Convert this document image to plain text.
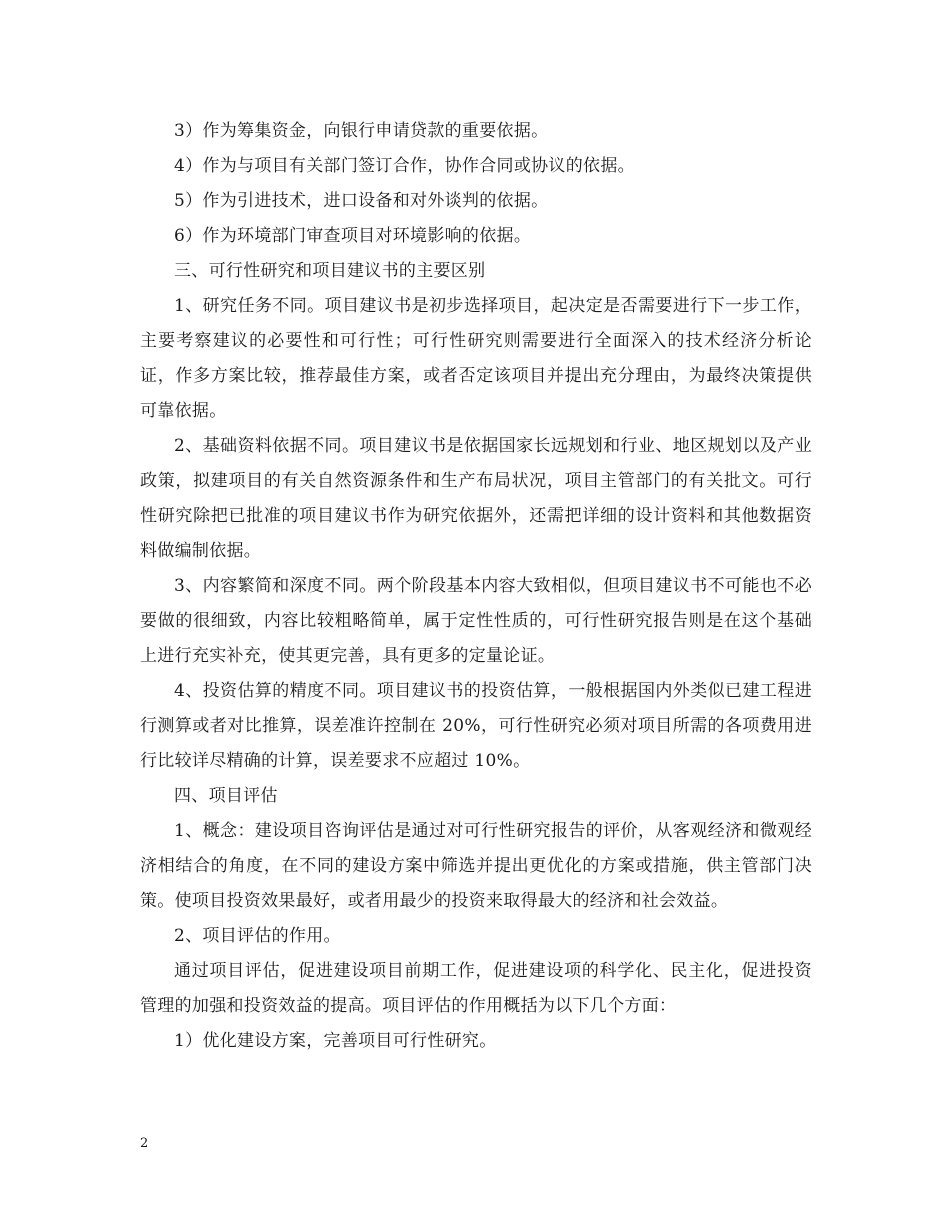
3）作为筹集资金，向银行申请贷款的重要依据。

4）作为与项目有关部门签订合作，协作合同或协议的依据。

5）作为引进技术，进口设备和对外谈判的依据。

6）作为环境部门审查项目对环境影响的依据。

三、可行性研究和项目建议书的主要区别

1、研究任务不同。项目建议书是初步选择项目，起决定是否需要进行下一步工作，主要考察建议的必要性和可行性；可行性研究则需要进行全面深入的技术经济分析论证，作多方案比较，推荐最佳方案，或者否定该项目并提出充分理由，为最终决策提供可靠依据。

2、基础资料依据不同。项目建议书是依据国家长远规划和行业、地区规划以及产业政策，拟建项目的有关自然资源条件和生产布局状况，项目主管部门的有关批文。可行性研究除把已批准的项目建议书作为研究依据外，还需把详细的设计资料和其他数据资料做编制依据。

3、内容繁简和深度不同。两个阶段基本内容大致相似，但项目建议书不可能也不必要做的很细致，内容比较粗略简单，属于定性性质的，可行性研究报告则是在这个基础上进行充实补充，使其更完善，具有更多的定量论证。

4、投资估算的精度不同。项目建议书的投资估算，一般根据国内外类似已建工程进行测算或者对比推算，误差准许控制在 20%，可行性研究必须对项目所需的各项费用进行比较详尽精确的计算，误差要求不应超过 10%。

四、项目评估

1、概念：建设项目咨询评估是通过对可行性研究报告的评价，从客观经济和微观经济相结合的角度，在不同的建设方案中筛选并提出更优化的方案或措施，供主管部门决策。使项目投资效果最好，或者用最少的投资来取得最大的经济和社会效益。

2、项目评估的作用。

通过项目评估，促进建设项目前期工作，促进建设项的科学化、民主化，促进投资管理的加强和投资效益的提高。项目评估的作用概括为以下几个方面：

1）优化建设方案，完善项目可行性研究。

2
